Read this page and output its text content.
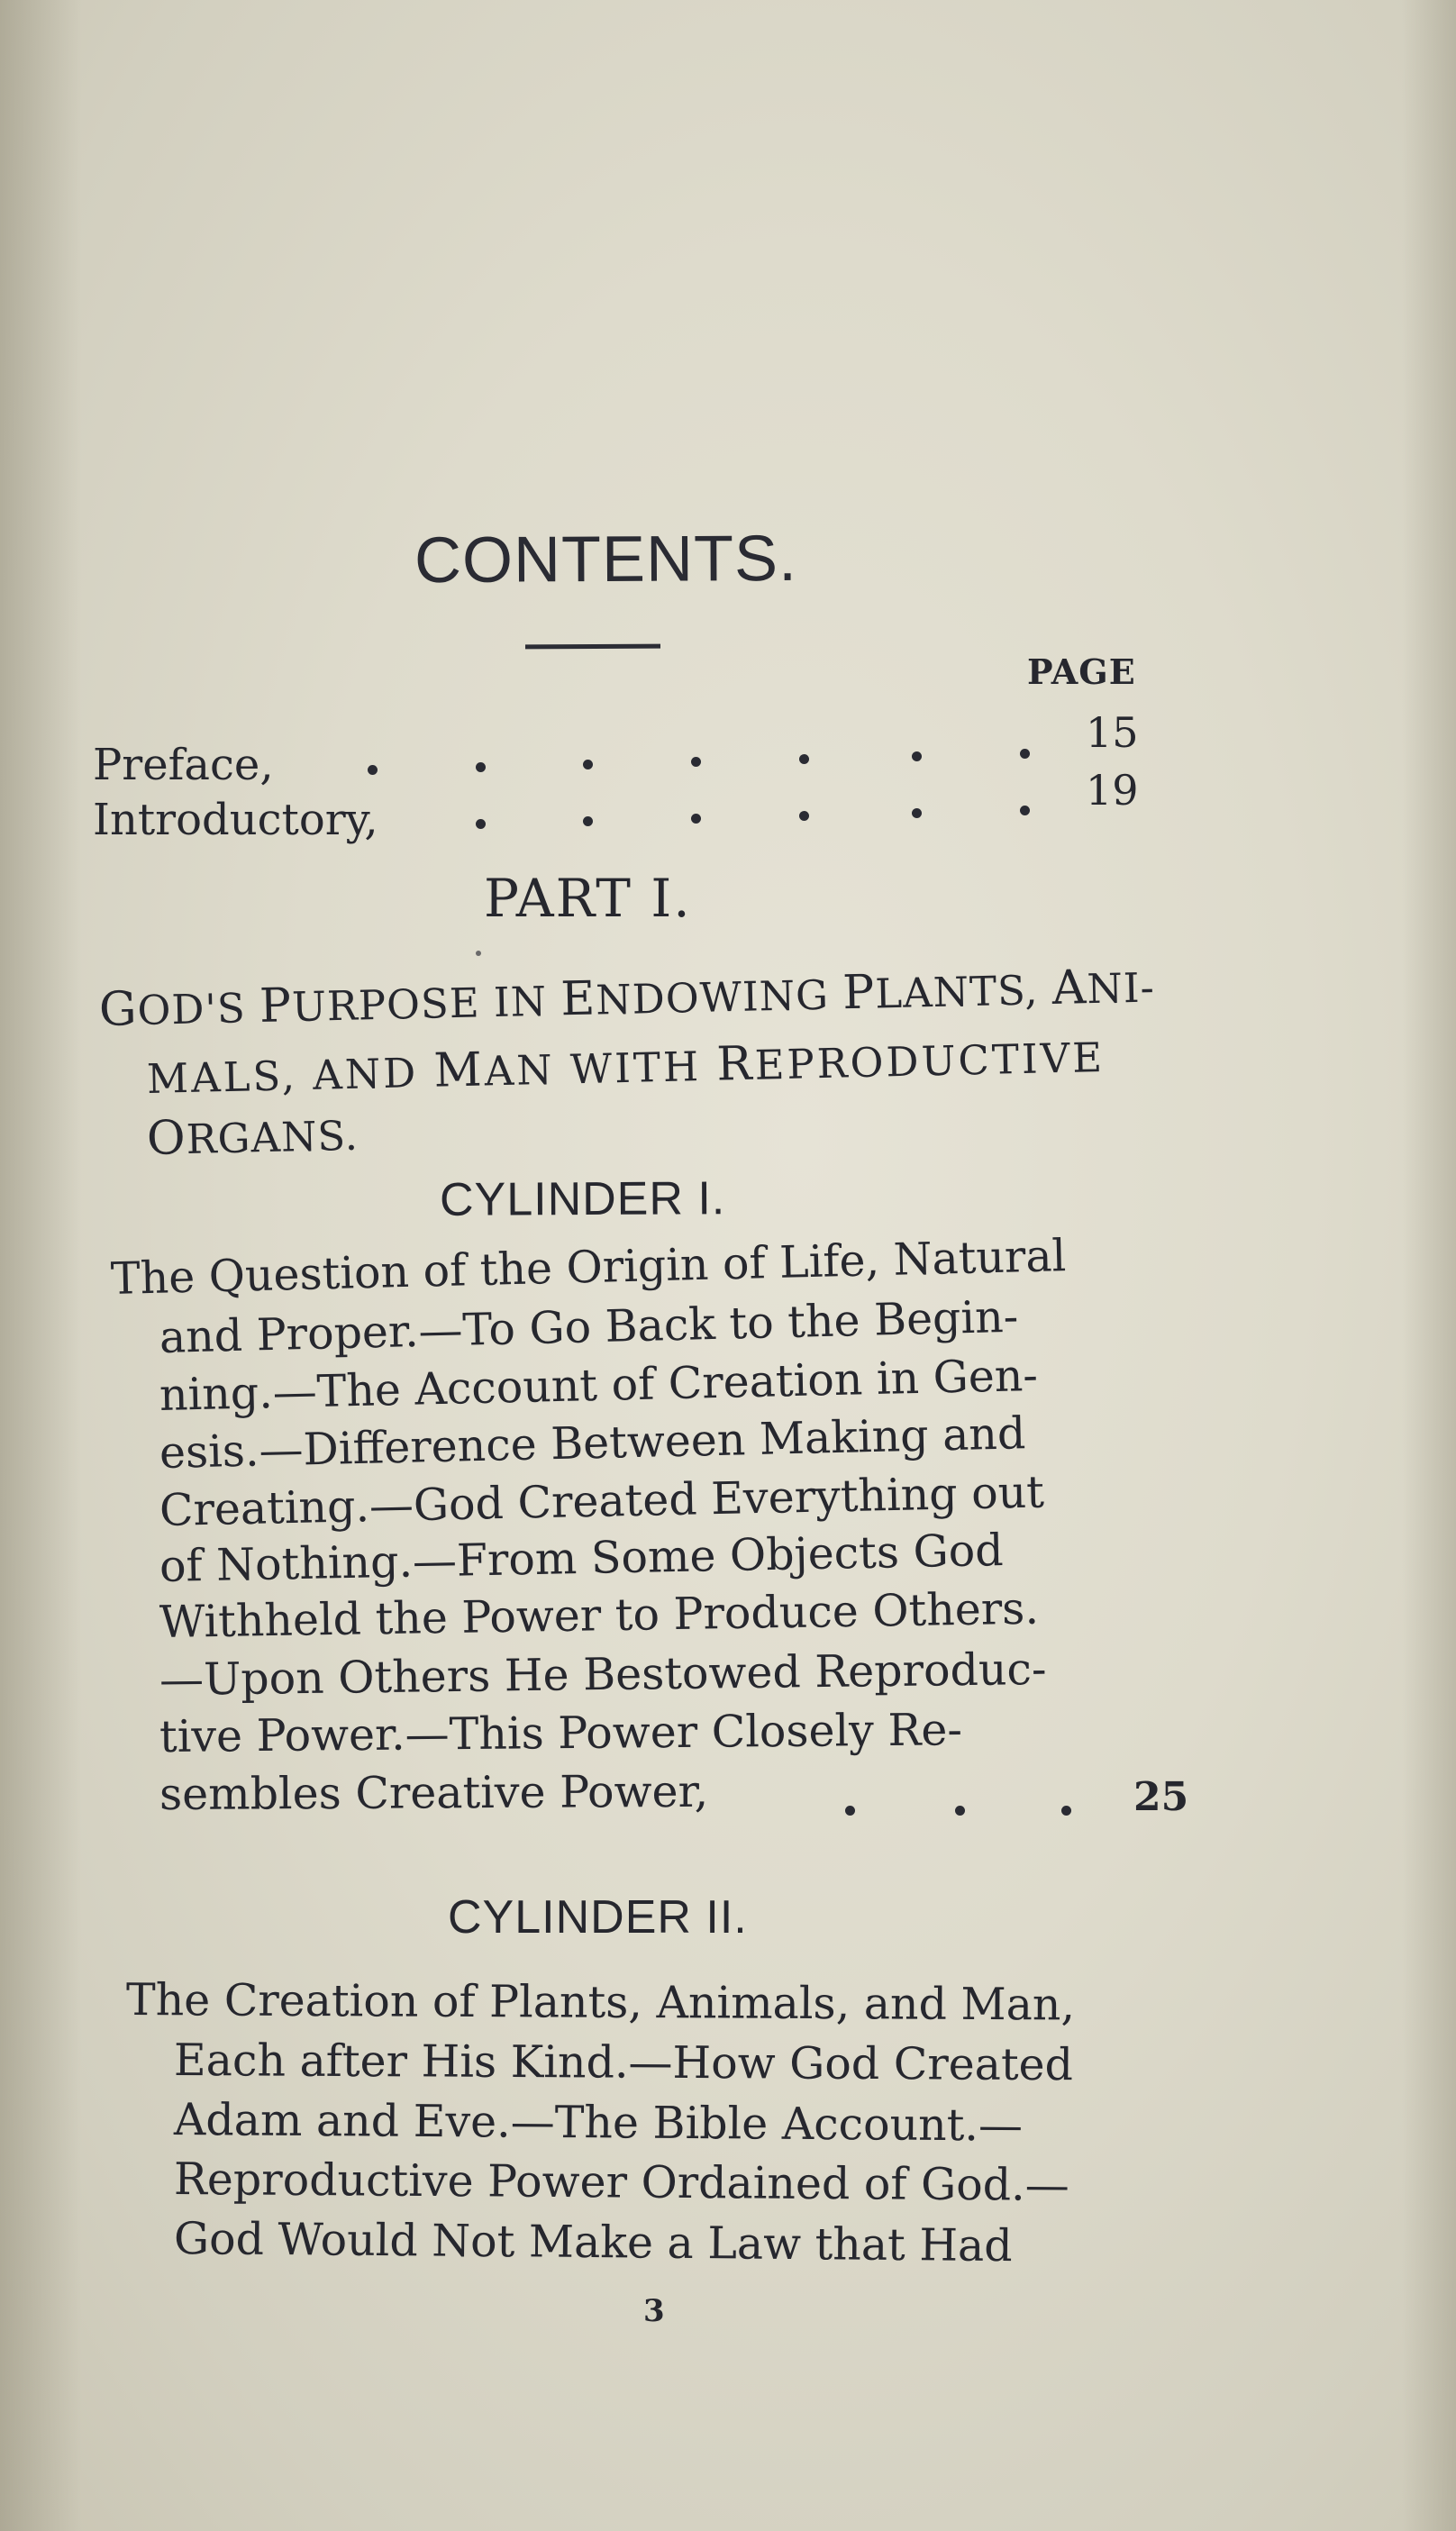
CONTENTS.
PAGE
Preface,
15
Introductory,
19
PART I.
GOD'S PURPOSE IN ENDOWING PLANTS, ANI-
MALS, AND MAN WITH REPRODUCTIVE
ORGANS.
CYLINDER I.
The Question of the Origin of Life, Natural
and Proper.—To Go Back to the Begin-
ning.—The Account of Creation in Gen-
esis.—Difference Between Making and
Creating.—God Created Everything out
of Nothing.—From Some Objects God
Withheld the Power to Produce Others.
—Upon Others He Bestowed Reproduc-
tive Power.—This Power Closely Re-
sembles Creative Power,	25
CYLINDER II.
The Creation of Plants, Animals, and Man,
Each after His Kind.—How God Created
Adam and Eve.—The Bible Account.—
Reproductive Power Ordained of God.—
God Would Not Make a Law that Had
3
